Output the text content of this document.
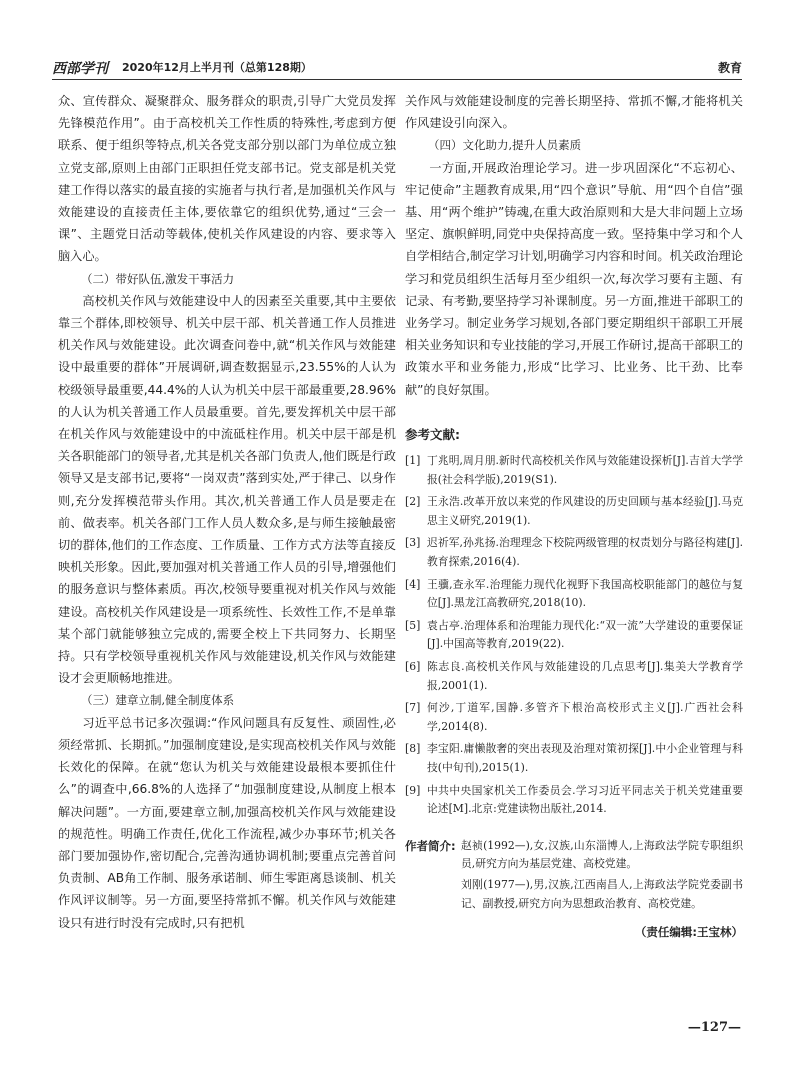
西部学刊 2020年12月上半月刊（总第128期）	教育

众、宣传群众、凝聚群众、服务群众的职责,引导广大党员发挥先锋模范作用”。由于高校机关工作性质的特殊性,考虑到方便联系、便于组织等特点,机关各党支部分别以部门为单位成立独立党支部,原则上由部门正职担任党支部书记。党支部是机关党建工作得以落实的最直接的实施者与执行者,是加强机关作风与效能建设的直接责任主体,要依靠它的组织优势,通过“三会一课”、主题党日活动等载体,使机关作风建设的内容、要求等入脑入心。

（二）带好队伍,激发干事活力

高校机关作风与效能建设中人的因素至关重要,其中主要依靠三个群体,即校领导、机关中层干部、机关普通工作人员推进机关作风与效能建设。此次调查问卷中,就“机关作风与效能建设中最重要的群体”开展调研,调查数据显示,23.55%的人认为校级领导最重要,44.4%的人认为机关中层干部最重要,28.96%的人认为机关普通工作人员最重要。首先,要发挥机关中层干部在机关作风与效能建设中的中流砥柱作用。机关中层干部是机关各职能部门的领导者,尤其是机关各部门负责人,他们既是行政领导又是支部书记,要将“一岗双责”落到实处,严于律己、以身作则,充分发挥模范带头作用。其次,机关普通工作人员是要走在前、做表率。机关各部门工作人员人数众多,是与师生接触最密切的群体,他们的工作态度、工作质量、工作方式方法等直接反映机关形象。因此,要加强对机关普通工作人员的引导,增强他们的服务意识与整体素质。再次,校领导要重视对机关作风与效能建设。高校机关作风建设是一项系统性、长效性工作,不是单靠某个部门就能够独立完成的,需要全校上下共同努力、长期坚持。只有学校领导重视机关作风与效能建设,机关作风与效能建设才会更顺畅地推进。

（三）建章立制,健全制度体系

习近平总书记多次强调:“作风问题具有反复性、顽固性,必须经常抓、长期抓。”加强制度建设,是实现高校机关作风与效能长效化的保障。在就“您认为机关与效能建设最根本要抓住什么”的调查中,66.8%的人选择了“加强制度建设,从制度上根本解决问题”。一方面,要建章立制,加强高校机关作风与效能建设的规范性。明确工作责任,优化工作流程,减少办事环节;机关各部门要加强协作,密切配合,完善沟通协调机制;要重点完善首问负责制、AB角工作制、服务承诺制、师生零距离恳谈制、机关作风评议制等。另一方面,要坚持常抓不懈。机关作风与效能建设只有进行时没有完成时,只有把机

关作风与效能建设制度的完善长期坚持、常抓不懈,才能将机关作风建设引向深入。

（四）文化助力,提升人员素质

一方面,开展政治理论学习。进一步巩固深化“不忘初心、牢记使命”主题教育成果,用“四个意识”导航、用“四个自信”强基、用“两个维护”铸魂,在重大政治原则和大是大非问题上立场坚定、旗帜鲜明,同党中央保持高度一致。坚持集中学习和个人自学相结合,制定学习计划,明确学习内容和时间。机关政治理论学习和党员组织生活每月至少组织一次,每次学习要有主题、有记录、有考勤,要坚持学习补课制度。另一方面,推进干部职工的业务学习。制定业务学习规划,各部门要定期组织干部职工开展相关业务知识和专业技能的学习,开展工作研讨,提高干部职工的政策水平和业务能力,形成“比学习、比业务、比干劲、比奉献”的良好氛围。

参考文献:
[1] 丁兆明,周月朋.新时代高校机关作风与效能建设探析[J].吉首大学学报(社会科学版),2019(S1).
[2] 王永浩.改革开放以来党的作风建设的历史回顾与基本经验[J].马克思主义研究,2019(1).
[3] 迟祈军,孙兆扬.治理理念下校院两级管理的权责划分与路径构建[J].教育探索,2016(4).
[4] 王骥,查永军.治理能力现代化视野下我国高校职能部门的越位与复位[J].黑龙江高教研究,2018(10).
[5] 袁占亭.治理体系和治理能力现代化:“双一流”大学建设的重要保证[J].中国高等教育,2019(22).
[6] 陈志良.高校机关作风与效能建设的几点思考[J].集美大学教育学报,2001(1).
[7] 何沙,丁道军,国静.多管齐下根治高校形式主义[J].广西社会科学,2014(8).
[8] 李宝阳.庸懒散奢的突出表现及治理对策初探[J].中小企业管理与科技(中旬刊),2015(1).
[9] 中共中央国家机关工作委员会.学习习近平同志关于机关党建重要论述[M].北京:党建读物出版社,2014.
作者简介: 赵祯(1992—),女,汉族,山东淄博人,上海政法学院专职组织员,研究方向为基层党建、高校党建。

刘刚(1977—),男,汉族,江西南昌人,上海政法学院党委副书记、副教授,研究方向为思想政治教育、高校党建。

（责任编辑:王宝林）
—127—
